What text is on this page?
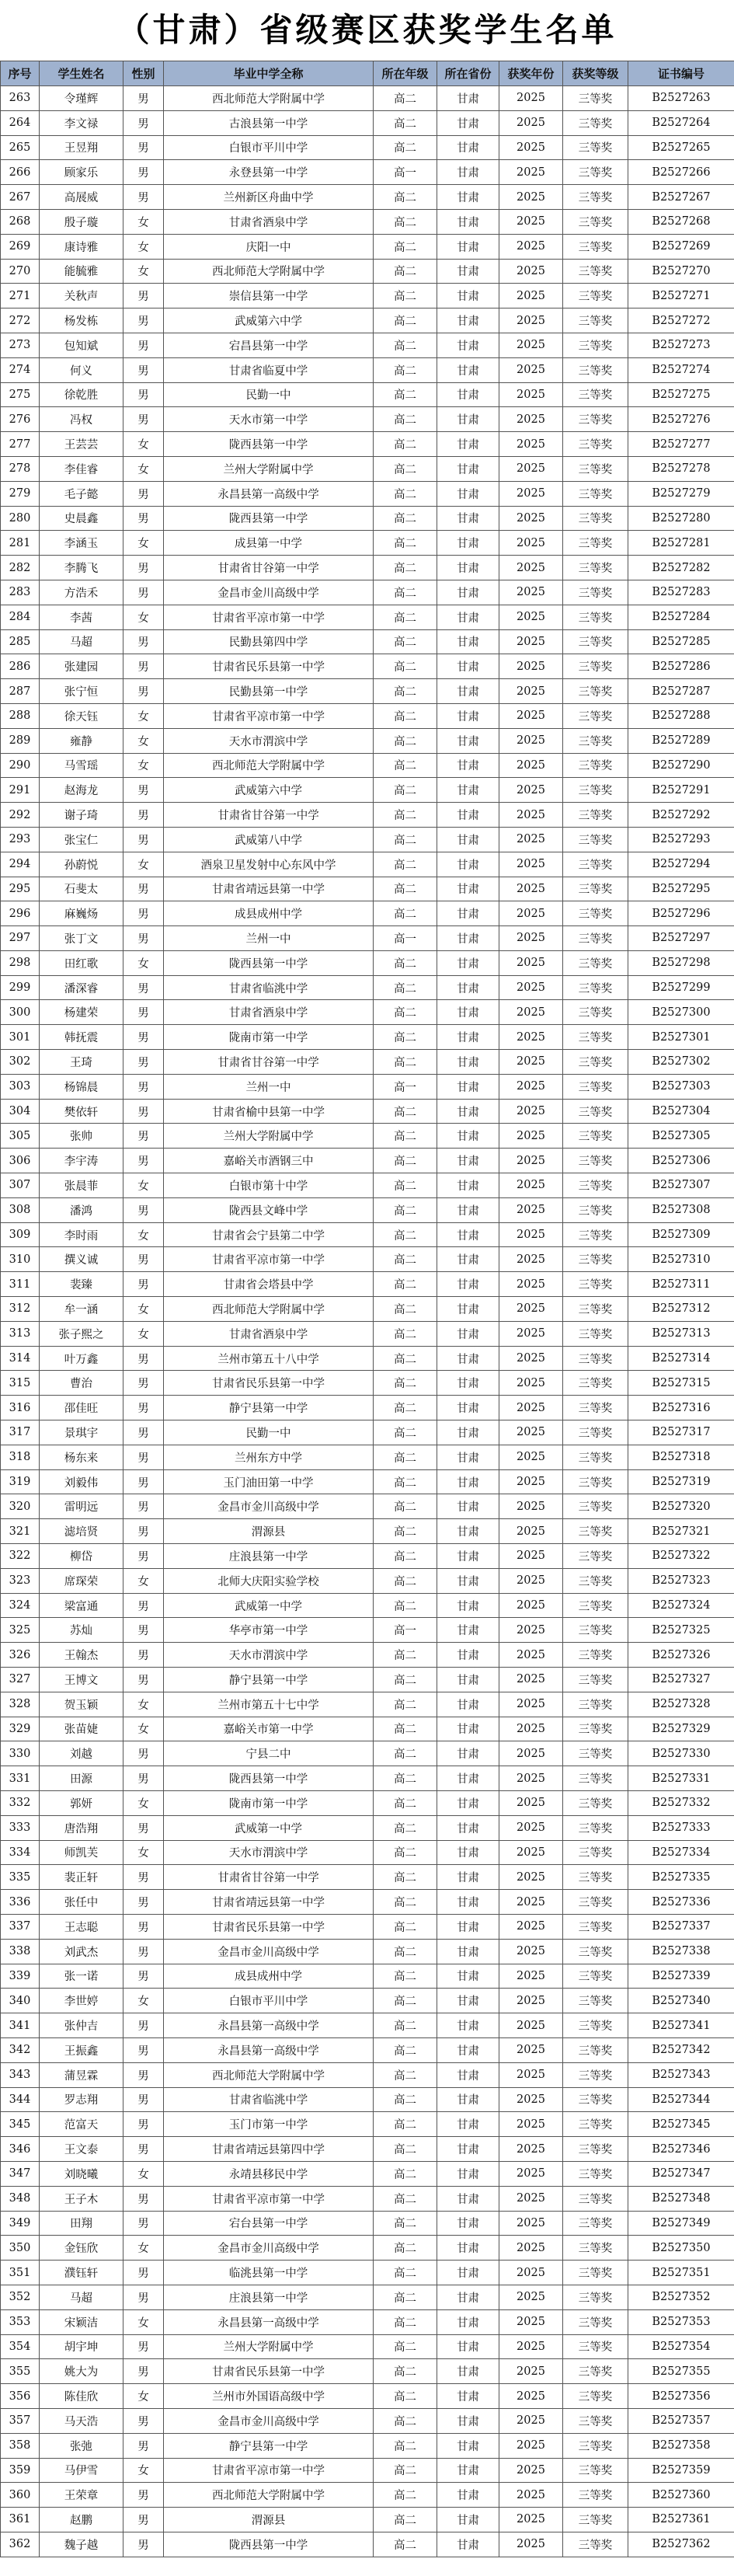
（甘肃）省级赛区获奖学生名单
序号	学生姓名	性别	毕业中学全称	所在年级	所在省份	获奖年份	获奖等级	证书编号
263	令瑾辉	男	西北师范大学附属中学	高二	甘肃	2025	三等奖	B2527263
264	李文禄	男	古浪县第一中学	高二	甘肃	2025	三等奖	B2527264
265	王昱翔	男	白银市平川中学	高二	甘肃	2025	三等奖	B2527265
266	顾家乐	男	永登县第一中学	高一	甘肃	2025	三等奖	B2527266
267	高展威	男	兰州新区舟曲中学	高二	甘肃	2025	三等奖	B2527267
268	殷子璇	女	甘肃省酒泉中学	高二	甘肃	2025	三等奖	B2527268
269	康诗雅	女	庆阳一中	高二	甘肃	2025	三等奖	B2527269
270	能毓雅	女	西北师范大学附属中学	高二	甘肃	2025	三等奖	B2527270
271	关秋声	男	崇信县第一中学	高二	甘肃	2025	三等奖	B2527271
272	杨发栋	男	武威第六中学	高二	甘肃	2025	三等奖	B2527272
273	包知斌	男	宕昌县第一中学	高二	甘肃	2025	三等奖	B2527273
274	何义	男	甘肃省临夏中学	高二	甘肃	2025	三等奖	B2527274
275	徐乾胜	男	民勤一中	高二	甘肃	2025	三等奖	B2527275
276	冯权	男	天水市第一中学	高二	甘肃	2025	三等奖	B2527276
277	王芸芸	女	陇西县第一中学	高二	甘肃	2025	三等奖	B2527277
278	李佳睿	女	兰州大学附属中学	高二	甘肃	2025	三等奖	B2527278
279	毛子懿	男	永昌县第一高级中学	高二	甘肃	2025	三等奖	B2527279
280	史晨鑫	男	陇西县第一中学	高二	甘肃	2025	三等奖	B2527280
281	李涵玉	女	成县第一中学	高二	甘肃	2025	三等奖	B2527281
282	李腾飞	男	甘肃省甘谷第一中学	高二	甘肃	2025	三等奖	B2527282
283	方浩禾	男	金昌市金川高级中学	高二	甘肃	2025	三等奖	B2527283
284	李茜	女	甘肃省平凉市第一中学	高二	甘肃	2025	三等奖	B2527284
285	马超	男	民勤县第四中学	高二	甘肃	2025	三等奖	B2527285
286	张建园	男	甘肃省民乐县第一中学	高二	甘肃	2025	三等奖	B2527286
287	张宁恒	男	民勤县第一中学	高二	甘肃	2025	三等奖	B2527287
288	徐天钰	女	甘肃省平凉市第一中学	高二	甘肃	2025	三等奖	B2527288
289	雍静	女	天水市渭滨中学	高二	甘肃	2025	三等奖	B2527289
290	马雪瑶	女	西北师范大学附属中学	高二	甘肃	2025	三等奖	B2527290
291	赵海龙	男	武威第六中学	高二	甘肃	2025	三等奖	B2527291
292	谢子琦	男	甘肃省甘谷第一中学	高二	甘肃	2025	三等奖	B2527292
293	张宝仁	男	武威第八中学	高二	甘肃	2025	三等奖	B2527293
294	孙蔚悦	女	酒泉卫星发射中心东风中学	高二	甘肃	2025	三等奖	B2527294
295	石斐太	男	甘肃省靖远县第一中学	高二	甘肃	2025	三等奖	B2527295
296	麻巍炀	男	成县成州中学	高二	甘肃	2025	三等奖	B2527296
297	张丁文	男	兰州一中	高一	甘肃	2025	三等奖	B2527297
298	田红歌	女	陇西县第一中学	高二	甘肃	2025	三等奖	B2527298
299	潘深睿	男	甘肃省临洮中学	高二	甘肃	2025	三等奖	B2527299
300	杨建荣	男	甘肃省酒泉中学	高二	甘肃	2025	三等奖	B2527300
301	韩抚震	男	陇南市第一中学	高二	甘肃	2025	三等奖	B2527301
302	王琦	男	甘肃省甘谷第一中学	高二	甘肃	2025	三等奖	B2527302
303	杨锦晨	男	兰州一中	高一	甘肃	2025	三等奖	B2527303
304	樊依轩	男	甘肃省榆中县第一中学	高二	甘肃	2025	三等奖	B2527304
305	张帅	男	兰州大学附属中学	高二	甘肃	2025	三等奖	B2527305
306	李宇涛	男	嘉峪关市酒钢三中	高二	甘肃	2025	三等奖	B2527306
307	张晨菲	女	白银市第十中学	高二	甘肃	2025	三等奖	B2527307
308	潘鸿	男	陇西县文峰中学	高二	甘肃	2025	三等奖	B2527308
309	李时雨	女	甘肃省会宁县第二中学	高二	甘肃	2025	三等奖	B2527309
310	撰义诚	男	甘肃省平凉市第一中学	高二	甘肃	2025	三等奖	B2527310
311	裴臻	男	甘肃省会塔县中学	高二	甘肃	2025	三等奖	B2527311
312	牟一涵	女	西北师范大学附属中学	高二	甘肃	2025	三等奖	B2527312
313	张子熙之	女	甘肃省酒泉中学	高二	甘肃	2025	三等奖	B2527313
314	叶万鑫	男	兰州市第五十八中学	高二	甘肃	2025	三等奖	B2527314
315	曹治	男	甘肃省民乐县第一中学	高二	甘肃	2025	三等奖	B2527315
316	邵佳旺	男	静宁县第一中学	高二	甘肃	2025	三等奖	B2527316
317	景琪宇	男	民勤一中	高二	甘肃	2025	三等奖	B2527317
318	杨东来	男	兰州东方中学	高二	甘肃	2025	三等奖	B2527318
319	刘毅伟	男	玉门油田第一中学	高二	甘肃	2025	三等奖	B2527319
320	雷明远	男	金昌市金川高级中学	高二	甘肃	2025	三等奖	B2527320
321	滤培贤	男	渭源县	高二	甘肃	2025	三等奖	B2527321
322	柳岱	男	庄浪县第一中学	高二	甘肃	2025	三等奖	B2527322
323	席琛荣	女	北师大庆阳实验学校	高二	甘肃	2025	三等奖	B2527323
324	梁富通	男	武威第一中学	高二	甘肃	2025	三等奖	B2527324
325	苏灿	男	华亭市第一中学	高一	甘肃	2025	三等奖	B2527325
326	王翰杰	男	天水市渭滨中学	高二	甘肃	2025	三等奖	B2527326
327	王博文	男	静宁县第一中学	高二	甘肃	2025	三等奖	B2527327
328	贺玉颖	女	兰州市第五十七中学	高二	甘肃	2025	三等奖	B2527328
329	张苗婕	女	嘉峪关市第一中学	高二	甘肃	2025	三等奖	B2527329
330	刘越	男	宁县二中	高二	甘肃	2025	三等奖	B2527330
331	田源	男	陇西县第一中学	高二	甘肃	2025	三等奖	B2527331
332	郭妍	女	陇南市第一中学	高二	甘肃	2025	三等奖	B2527332
333	唐浩翔	男	武威第一中学	高二	甘肃	2025	三等奖	B2527333
334	师凯芙	女	天水市渭滨中学	高二	甘肃	2025	三等奖	B2527334
335	裴正轩	男	甘肃省甘谷第一中学	高二	甘肃	2025	三等奖	B2527335
336	张任中	男	甘肃省靖远县第一中学	高二	甘肃	2025	三等奖	B2527336
337	王志聪	男	甘肃省民乐县第一中学	高二	甘肃	2025	三等奖	B2527337
338	刘武杰	男	金昌市金川高级中学	高二	甘肃	2025	三等奖	B2527338
339	张一诺	男	成县成州中学	高二	甘肃	2025	三等奖	B2527339
340	李世婷	女	白银市平川中学	高二	甘肃	2025	三等奖	B2527340
341	张仲吉	男	永昌县第一高级中学	高二	甘肃	2025	三等奖	B2527341
342	王振鑫	男	永昌县第一高级中学	高二	甘肃	2025	三等奖	B2527342
343	蒲昱霖	男	西北师范大学附属中学	高二	甘肃	2025	三等奖	B2527343
344	罗志翔	男	甘肃省临洮中学	高二	甘肃	2025	三等奖	B2527344
345	范富天	男	玉门市第一中学	高二	甘肃	2025	三等奖	B2527345
346	王文泰	男	甘肃省靖远县第四中学	高二	甘肃	2025	三等奖	B2527346
347	刘晓曦	女	永靖县移民中学	高二	甘肃	2025	三等奖	B2527347
348	王子木	男	甘肃省平凉市第一中学	高二	甘肃	2025	三等奖	B2527348
349	田翔	男	宕台县第一中学	高二	甘肃	2025	三等奖	B2527349
350	金钰欣	女	金昌市金川高级中学	高二	甘肃	2025	三等奖	B2527350
351	濮钰轩	男	临洮县第一中学	高二	甘肃	2025	三等奖	B2527351
352	马超	男	庄浪县第一中学	高二	甘肃	2025	三等奖	B2527352
353	宋颖洁	女	永昌县第一高级中学	高二	甘肃	2025	三等奖	B2527353
354	胡宇坤	男	兰州大学附属中学	高二	甘肃	2025	三等奖	B2527354
355	姚大为	男	甘肃省民乐县第一中学	高二	甘肃	2025	三等奖	B2527355
356	陈佳欣	女	兰州市外国语高级中学	高二	甘肃	2025	三等奖	B2527356
357	马天浩	男	金昌市金川高级中学	高二	甘肃	2025	三等奖	B2527357
358	张弛	男	静宁县第一中学	高二	甘肃	2025	三等奖	B2527358
359	马伊雪	女	甘肃省平凉市第一中学	高二	甘肃	2025	三等奖	B2527359
360	王荣章	男	西北师范大学附属中学	高二	甘肃	2025	三等奖	B2527360
361	赵鹏	男	渭源县	高二	甘肃	2025	三等奖	B2527361
362	魏子越	男	陇西县第一中学	高二	甘肃	2025	三等奖	B2527362
